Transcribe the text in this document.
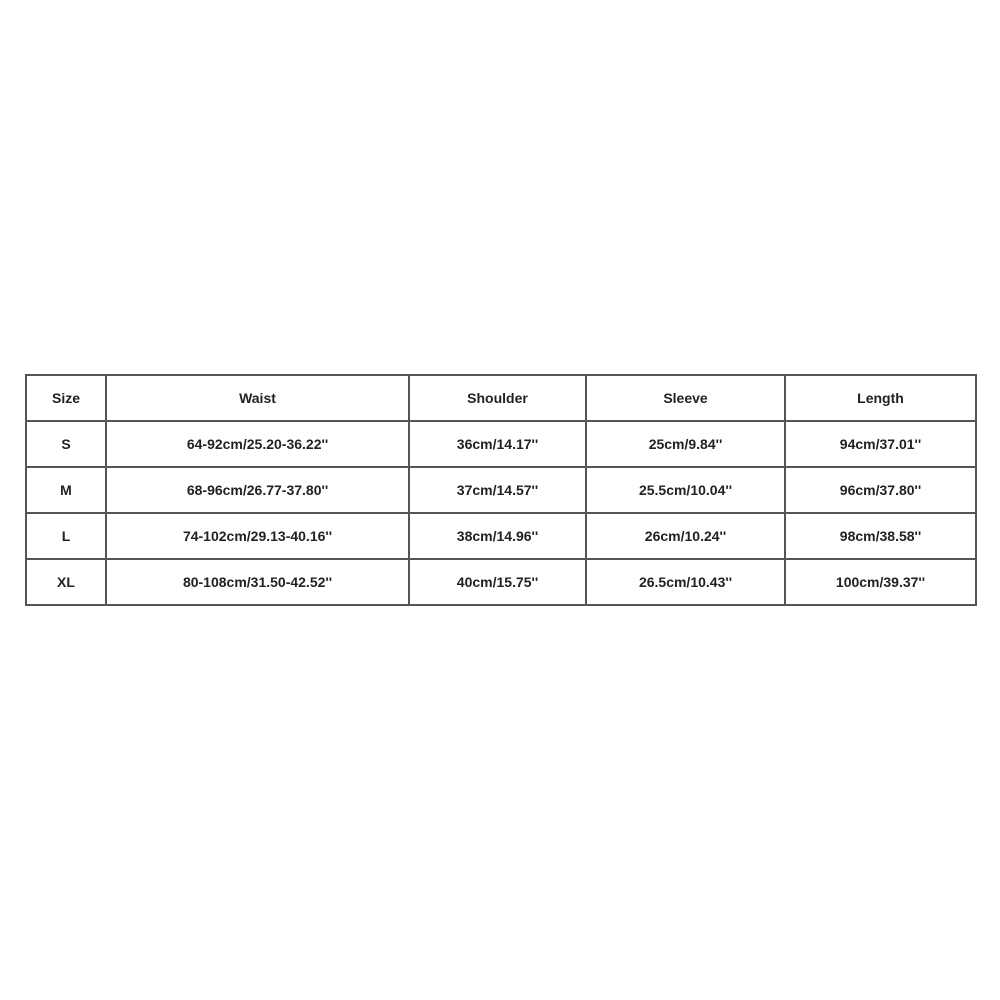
Size	Waist	Shoulder	Sleeve	Length
S	64-92cm/25.20-36.22''	36cm/14.17''	25cm/9.84''	94cm/37.01''
M	68-96cm/26.77-37.80''	37cm/14.57''	25.5cm/10.04''	96cm/37.80''
L	74-102cm/29.13-40.16''	38cm/14.96''	26cm/10.24''	98cm/38.58''
XL	80-108cm/31.50-42.52''	40cm/15.75''	26.5cm/10.43''	100cm/39.37''
